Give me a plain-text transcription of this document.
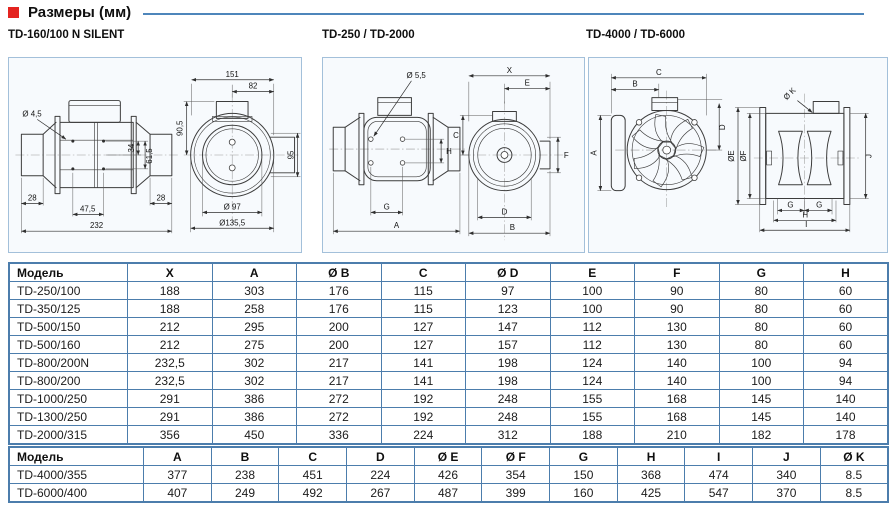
Размеры (мм)
TD-160/100 N SILENT	TD-250 / TD-2000	TD-4000 / TD-6000
Ø 4,5
28
47,5
28
232
34
61,5
151
82
90,5
95
Ø 97
Ø135,5
Ø 5,5
H
G
A
X
E
C
F
D
B
C
B
A
D
Ø K
ØE ØF	J
G	G
H
I
Модель	X	A	Ø B	C	Ø D	E	F	G	H
TD-250/100	188	303	176	115	97	100	90	80	60
TD-350/125	188	258	176	115	123	100	90	80	60
TD-500/150	212	295	200	127	147	112	130	80	60
TD-500/160	212	275	200	127	157	112	130	80	60
TD-800/200N	232,5	302	217	141	198	124	140	100	94
TD-800/200	232,5	302	217	141	198	124	140	100	94
TD-1000/250	291	386	272	192	248	155	168	145	140
TD-1300/250	291	386	272	192	248	155	168	145	140
TD-2000/315	356	450	336	224	312	188	210	182	178
Модель	A	B	C	D	Ø E	Ø F	G	H	I	J	Ø K
TD-4000/355	377	238	451	224	426	354	150	368	474	340	8.5
TD-6000/400	407	249	492	267	487	399	160	425	547	370	8.5
